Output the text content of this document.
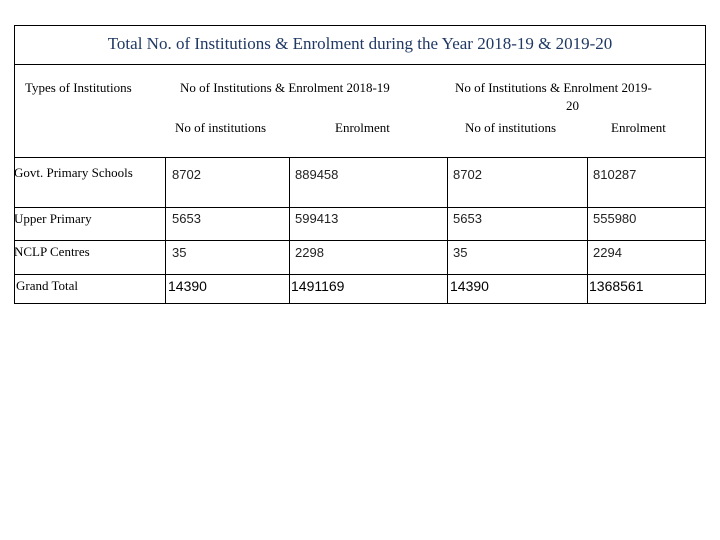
Total No. of Institutions & Enrolment during the Year 2018-19 & 2019-20
Types of Institutions	No of Institutions & Enrolment 2018-19	No of Institutions & Enrolment 2019-
20
No of institutions	Enrolment	No of institutions	Enrolment
Govt. Primary Schools	8702	889458	8702	810287
Upper Primary	5653	599413	5653	555980
NCLP Centres	35	2298	35	2294
Grand Total	14390	1491169	14390	1368561
